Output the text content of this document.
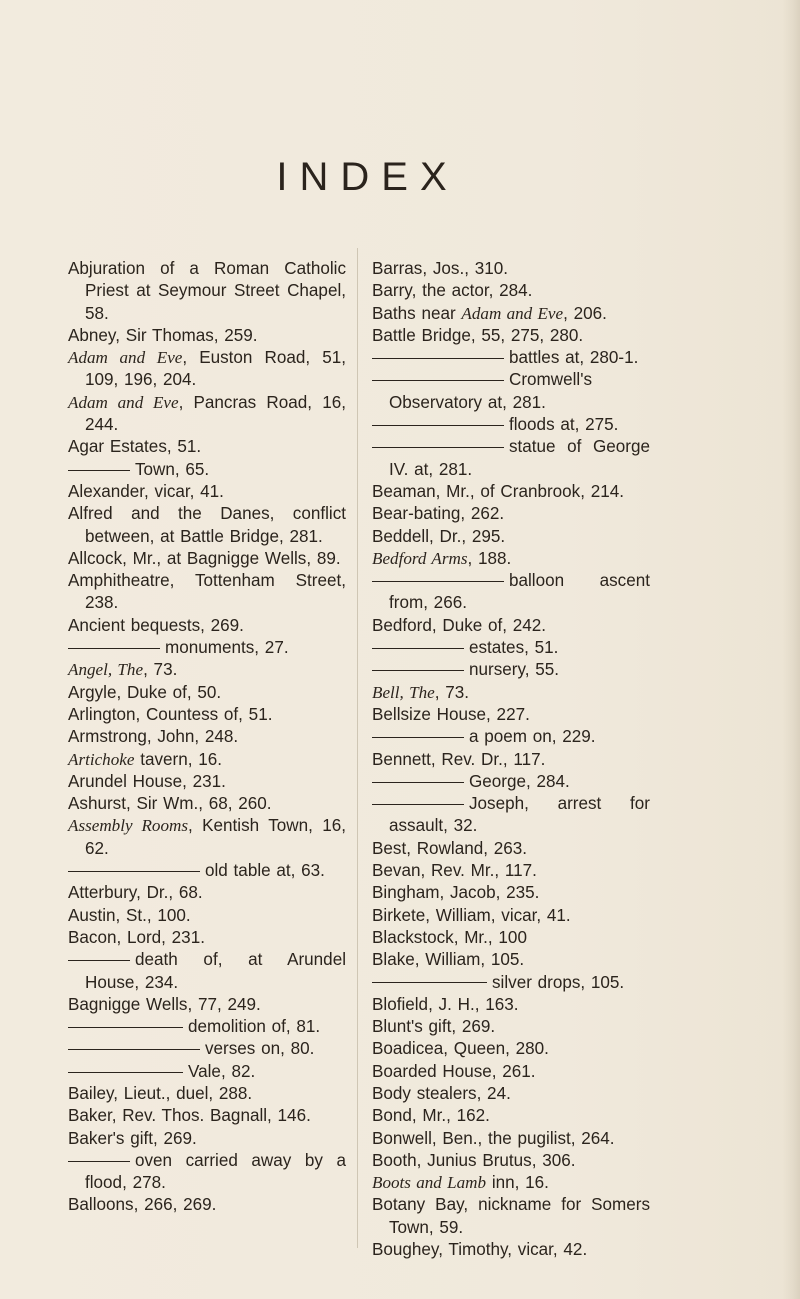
INDEX
Abjuration of a Roman Catholic Priest at Seymour Street Chapel, 58.
Abney, Sir Thomas, 259.
Adam and Eve, Euston Road, 51, 109, 196, 204.
Adam and Eve, Pancras Road, 16, 244.
Agar Estates, 51.
Town, 65.
Alexander, vicar, 41.
Alfred and the Danes, conflict between, at Battle Bridge, 281.
Allcock, Mr., at Bagnigge Wells, 89.
Amphitheatre, Tottenham Street, 238.
Ancient bequests, 269.
monuments, 27.
Angel, The, 73.
Argyle, Duke of, 50.
Arlington, Countess of, 51.
Armstrong, John, 248.
Artichoke tavern, 16.
Arundel House, 231.
Ashurst, Sir Wm., 68, 260.
Assembly Rooms, Kentish Town, 16, 62.
old table at, 63.
Atterbury, Dr., 68.
Austin, St., 100.
Bacon, Lord, 231.
death of, at Arundel House, 234.
Bagnigge Wells, 77, 249.
demolition of, 81.
verses on, 80.
Vale, 82.
Bailey, Lieut., duel, 288.
Baker, Rev. Thos. Bagnall, 146.
Baker's gift, 269.
oven carried away by a flood, 278.
Balloons, 266, 269.
Barras, Jos., 310.
Barry, the actor, 284.
Baths near Adam and Eve, 206.
Battle Bridge, 55, 275, 280.
battles at, 280-1.
Cromwell's Observatory at, 281.
floods at, 275.
statue of George IV. at, 281.
Beaman, Mr., of Cranbrook, 214.
Bear-bating, 262.
Beddell, Dr., 295.
Bedford Arms, 188.
balloon ascent from, 266.
Bedford, Duke of, 242.
estates, 51.
nursery, 55.
Bell, The, 73.
Bellsize House, 227.
a poem on, 229.
Bennett, Rev. Dr., 117.
George, 284.
Joseph, arrest for assault, 32.
Best, Rowland, 263.
Bevan, Rev. Mr., 117.
Bingham, Jacob, 235.
Birkete, William, vicar, 41.
Blackstock, Mr., 100
Blake, William, 105.
silver drops, 105.
Blofield, J. H., 163.
Blunt's gift, 269.
Boadicea, Queen, 280.
Boarded House, 261.
Body stealers, 24.
Bond, Mr., 162.
Bonwell, Ben., the pugilist, 264.
Booth, Junius Brutus, 306.
Boots and Lamb inn, 16.
Botany Bay, nickname for Somers Town, 59.
Boughey, Timothy, vicar, 42.
